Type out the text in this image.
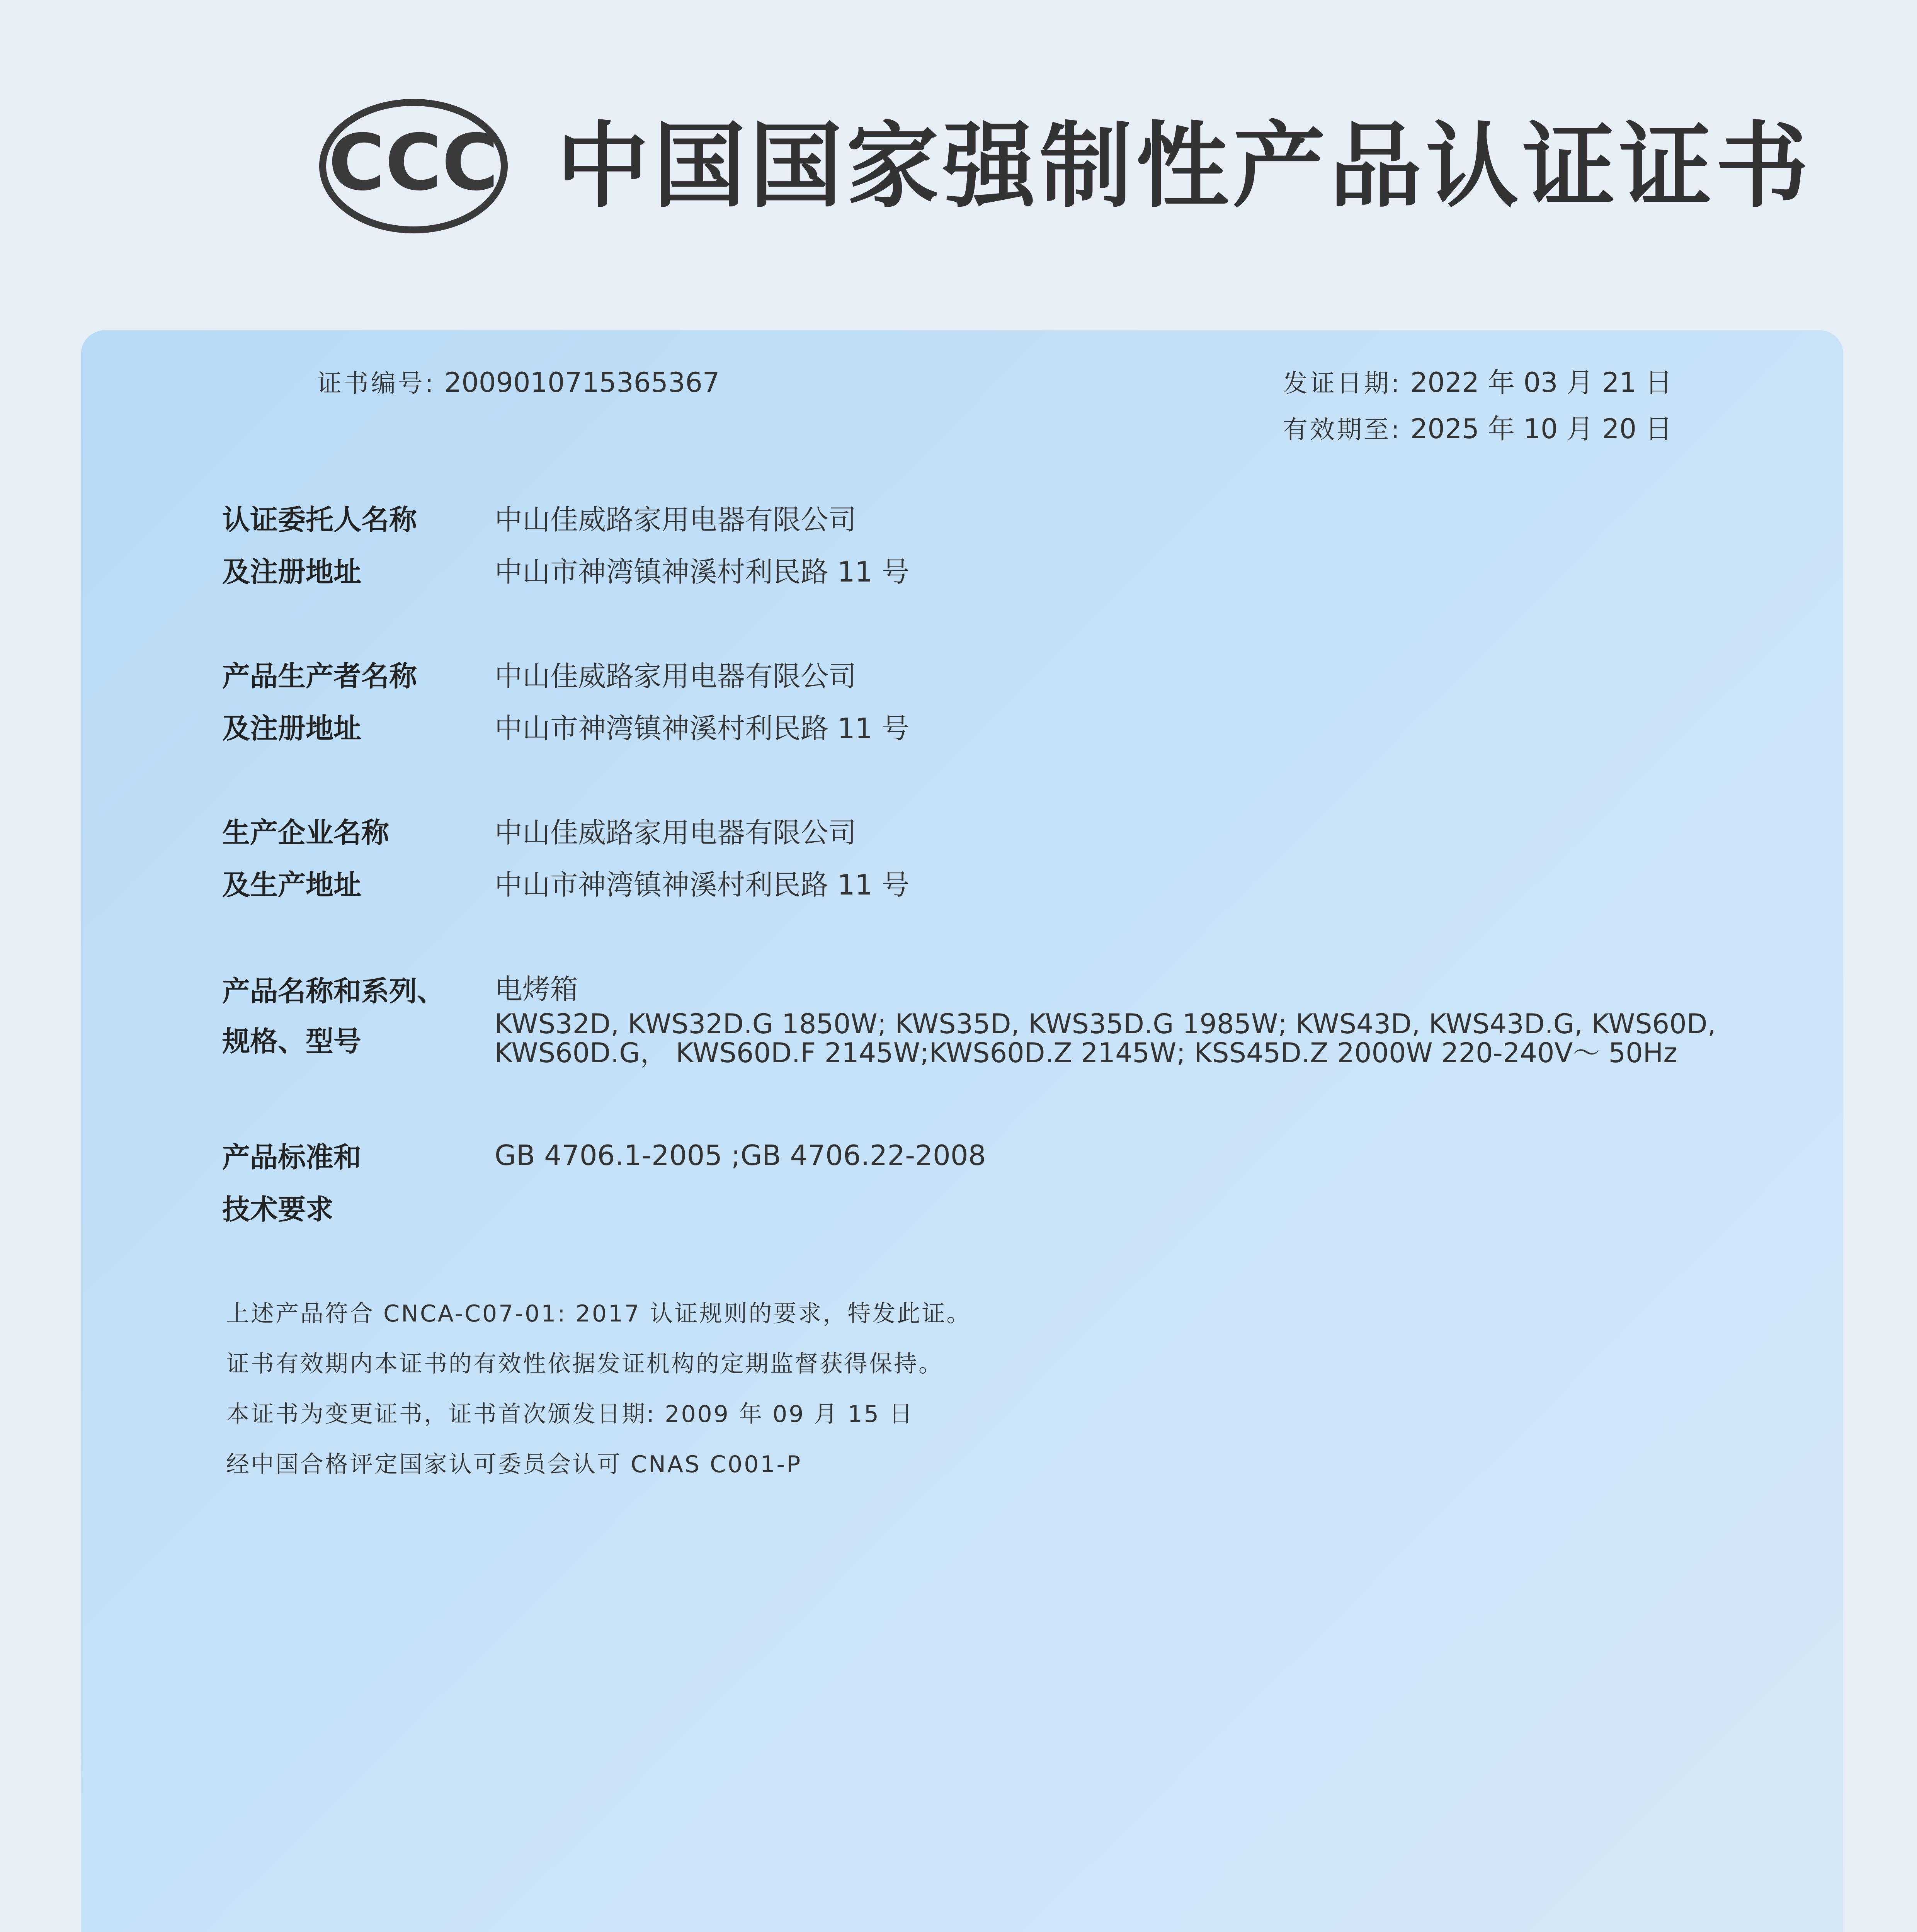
CCC 中国国家强制性产品认证证书
证书编号: 2009010715365367	发证日期: 2022 年 03 月 21 日
有效期至: 2025 年 10 月 20 日
认证委托人名称
及注册地址
中山佳威路家用电器有限公司
中山市神湾镇神溪村利民路 11 号
产品生产者名称
及注册地址
中山佳威路家用电器有限公司
中山市神湾镇神溪村利民路 11 号
生产企业名称
及生产地址
中山佳威路家用电器有限公司
中山市神湾镇神溪村利民路 11 号
产品名称和系列、
规格、型号
电烤箱
KWS32D, KWS32D.G 1850W; KWS35D, KWS35D.G 1985W; KWS43D, KWS43D.G, KWS60D,
KWS60D.G， KWS60D.F 2145W;KWS60D.Z 2145W; KSS45D.Z 2000W 220-240V～ 50Hz
产品标准和
技术要求
GB 4706.1-2005 ;GB 4706.22-2008
上述产品符合 CNCA-C07-01: 2017 认证规则的要求，特发此证。
证书有效期内本证书的有效性依据发证机构的定期监督获得保持。
本证书为变更证书，证书首次颁发日期: 2009 年 09 月 15 日
经中国合格评定国家认可委员会认可 CNAS C001-P
